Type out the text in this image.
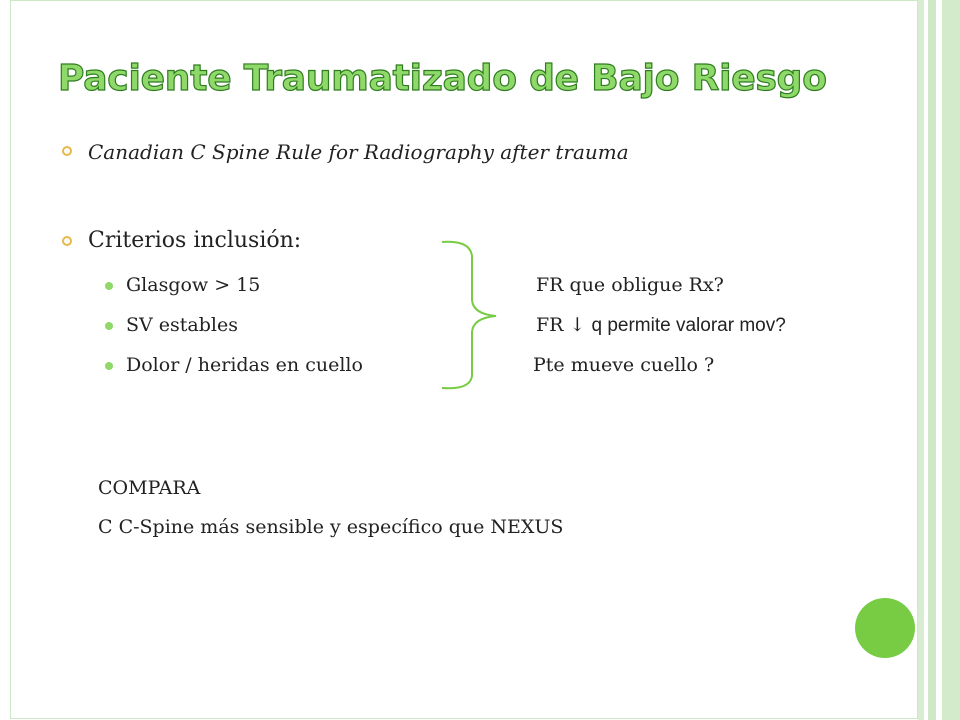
Paciente Traumatizado de Bajo Riesgo
Canadian C Spine Rule for Radiography after trauma
Criterios inclusión:
Glasgow > 15
SV estables
Dolor / heridas en cuello
FR que obligue Rx?
FR ↓ q permite valorar mov?
Pte mueve cuello ?
COMPARA
C C-Spine más sensible y específico que NEXUS
